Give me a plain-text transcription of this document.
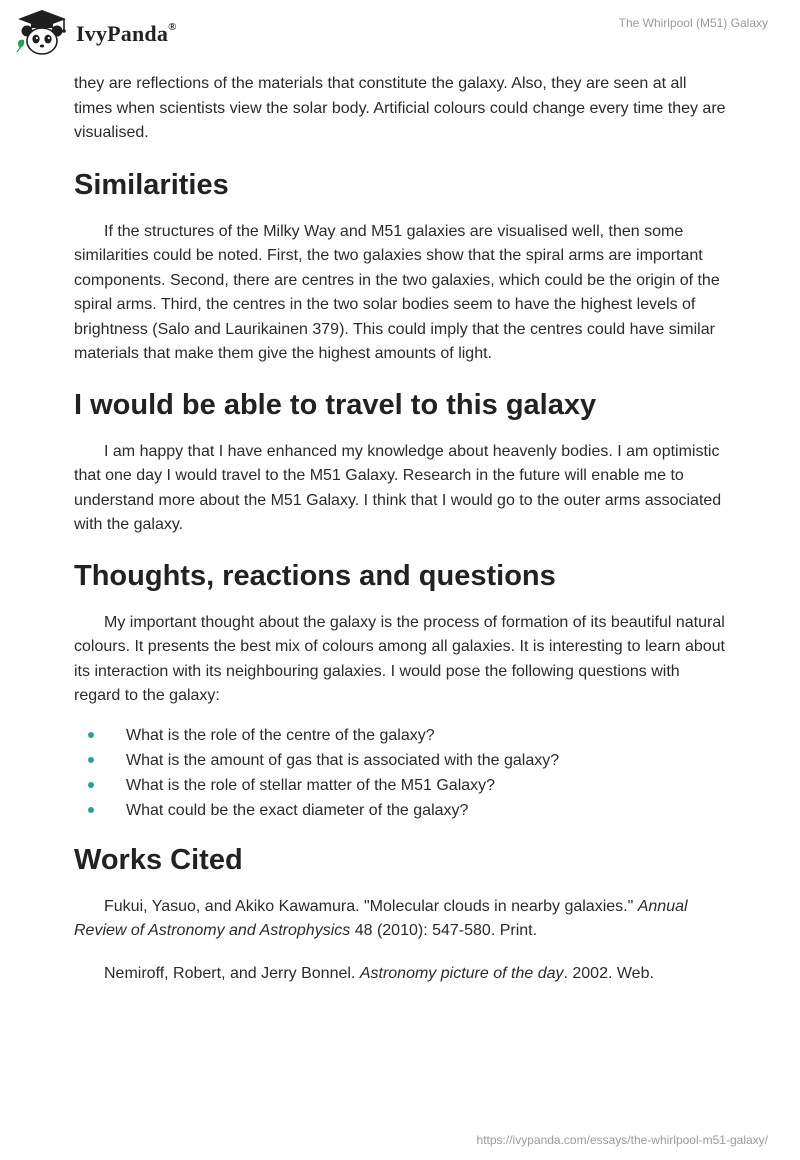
IvyPanda®	The Whirlpool (M51) Galaxy

they are reflections of the materials that constitute the galaxy. Also, they are seen at all times when scientists view the solar body. Artificial colours could change every time they are visualised.

Similarities

If the structures of the Milky Way and M51 galaxies are visualised well, then some similarities could be noted. First, the two galaxies show that the spiral arms are important components. Second, there are centres in the two galaxies, which could be the origin of the spiral arms. Third, the centres in the two solar bodies seem to have the highest levels of brightness (Salo and Laurikainen 379). This could imply that the centres could have similar materials that make them give the highest amounts of light.

I would be able to travel to this galaxy

I am happy that I have enhanced my knowledge about heavenly bodies. I am optimistic that one day I would travel to the M51 Galaxy. Research in the future will enable me to understand more about the M51 Galaxy. I think that I would go to the outer arms associated with the galaxy.

Thoughts, reactions and questions

My important thought about the galaxy is the process of formation of its beautiful natural colours. It presents the best mix of colours among all galaxies. It is interesting to learn about its interaction with its neighbouring galaxies. I would pose the following questions with regard to the galaxy:

What is the role of the centre of the galaxy?
What is the amount of gas that is associated with the galaxy?
What is the role of stellar matter of the M51 Galaxy?
What could be the exact diameter of the galaxy?
Works Cited

Fukui, Yasuo, and Akiko Kawamura. "Molecular clouds in nearby galaxies." Annual Review of Astronomy and Astrophysics 48 (2010): 547-580. Print.

Nemiroff, Robert, and Jerry Bonnel. Astronomy picture of the day. 2002. Web.

https://ivypanda.com/essays/the-whirlpool-m51-galaxy/
